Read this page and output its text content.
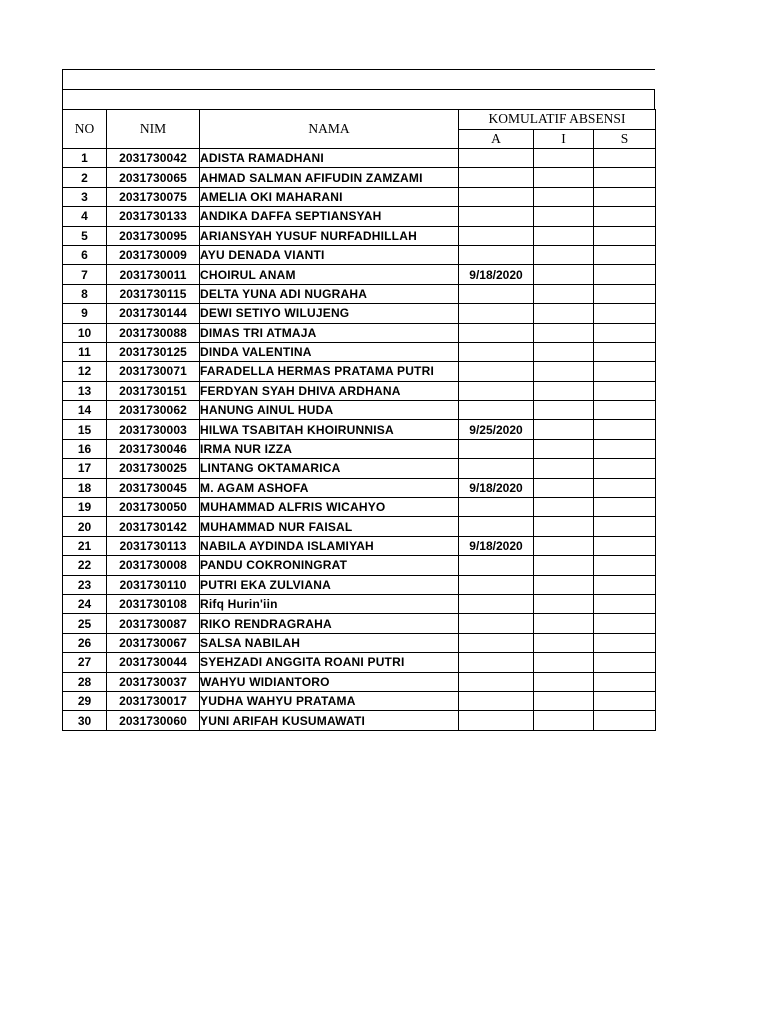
NO	NIM	NAMA	KOMULATIF ABSENSI		
			A	I	S
1	2031730042	ADISTA RAMADHANI			
2	2031730065	AHMAD SALMAN AFIFUDIN ZAMZAMI			
3	2031730075	AMELIA OKI MAHARANI			
4	2031730133	ANDIKA DAFFA SEPTIANSYAH			
5	2031730095	ARIANSYAH YUSUF NURFADHILLAH			
6	2031730009	AYU DENADA VIANTI			
7	2031730011	CHOIRUL ANAM	9/18/2020		
8	2031730115	DELTA YUNA ADI NUGRAHA			
9	2031730144	DEWI SETIYO WILUJENG			
10	2031730088	DIMAS TRI ATMAJA			
11	2031730125	DINDA VALENTINA			
12	2031730071	FARADELLA HERMAS PRATAMA PUTRI			
13	2031730151	FERDYAN SYAH DHIVA ARDHANA			
14	2031730062	HANUNG AINUL HUDA			
15	2031730003	HILWA TSABITAH KHOIRUNNISA	9/25/2020		
16	2031730046	IRMA NUR IZZA			
17	2031730025	LINTANG OKTAMARICA			
18	2031730045	M. AGAM ASHOFA	9/18/2020		
19	2031730050	MUHAMMAD ALFRIS WICAHYO			
20	2031730142	MUHAMMAD NUR FAISAL			
21	2031730113	NABILA AYDINDA ISLAMIYAH	9/18/2020		
22	2031730008	PANDU COKRONINGRAT			
23	2031730110	PUTRI EKA ZULVIANA			
24	2031730108	Rifq Hurin'iin			
25	2031730087	RIKO RENDRAGRAHA			
26	2031730067	SALSA NABILAH			
27	2031730044	SYEHZADI ANGGITA ROANI PUTRI			
28	2031730037	WAHYU WIDIANTORO			
29	2031730017	YUDHA WAHYU PRATAMA			
30	2031730060	YUNI ARIFAH KUSUMAWATI			
